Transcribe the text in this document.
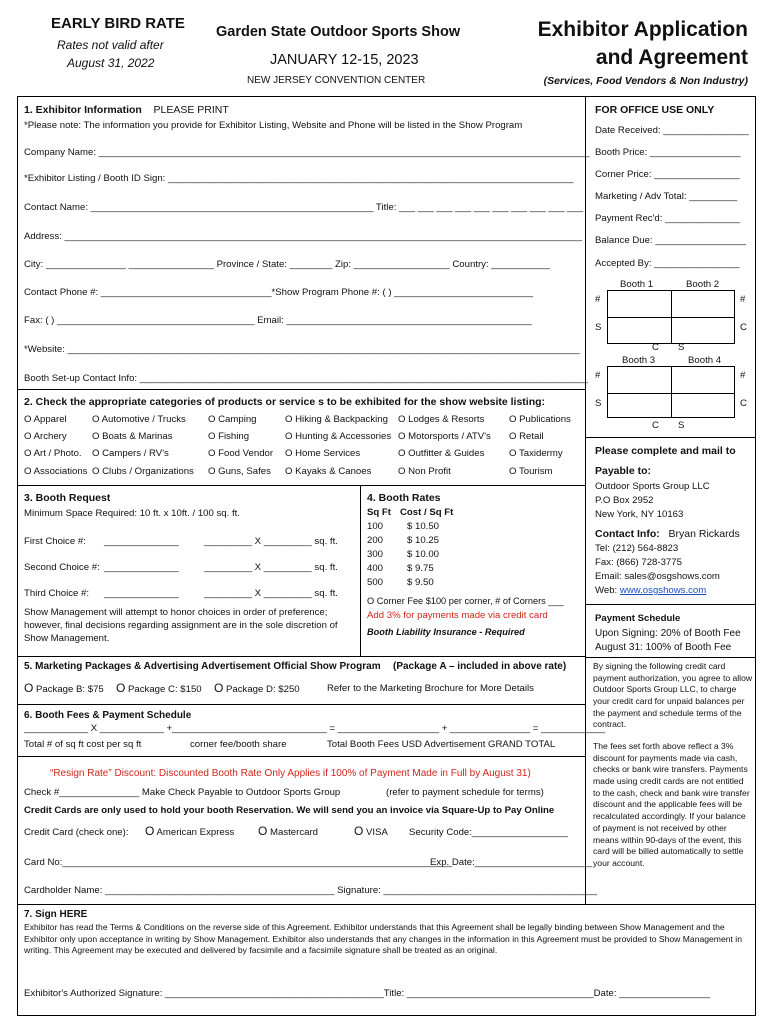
EARLY BIRD RATE
Rates not valid after
August 31, 2022
Garden State Outdoor Sports Show
JANUARY 12-15, 2023
NEW JERSEY CONVENTION CENTER
Exhibitor Application
and Agreement
(Services, Food Vendors & Non Industry)
1. Exhibitor Information PLEASE PRINT
*Please note: The information you provide for Exhibitor Listing, Website and Phone will be listed in the Show Program
Company Name: ____________________________________________________________________________________________
*Exhibitor Listing / Booth ID Sign: ____________________________________________________________________________
Contact Name: _____________________________________________________ Title: ___ ___ ___ ___ ___ ___ ___ ___ ___ ___
Address: _________________________________________________________________________________________________
City: _______________ ________________ Province / State: ________ Zip: __________________ Country: ___________
Contact Phone #: ________________________________*Show Program Phone #: ( ) __________________________
Fax: ( ) _____________________________________ Email: ______________________________________________
*Website: ________________________________________________________________________________________________
Booth Set-up Contact Info: ____________________________________________________________________________________
FOR OFFICE USE ONLY
Date Received: ________________
Booth Price: _________________
Corner Price: ________________
Marketing / Adv Total: _________
Payment Rec'd: ______________
Balance Due: _________________
Accepted By: ________________
Booth 1	Booth 2
#	#
S	C
C S
Booth 3	Booth 4
#	#
S	C
C S
2. Check the appropriate categories of products or service s to be exhibited for the show website listing:
O Apparel	O Automotive / Trucks O Camping	O Hiking & Backpacking O Lodges & Resorts	O Publications
O Archery	O Boats & Marinas	O Fishing	O Hunting & Accessories O Motorsports / ATV's O Retail
O Art / Photo. O Campers / RV's	O Food Vendor O Home Services	O Outfitter & Guides	O Taxidermy
O Associations O Clubs / Organizations O Guns, Safes O Kayaks & Canoes	O Non Profit	O Tourism
Please complete and mail to
Payable to:
Outdoor Sports Group LLC
P.O Box 2952
New York, NY 10163
Contact Info: Bryan Rickards
Tel: (212) 564-8823
Fax: (866) 728-3775
Email: sales@osgshows.com
Web: www.osgshows.com
3. Booth Request
Minimum Space Required: 10 ft. x 10ft. / 100 sq. ft.
First Choice #: ______________	_________ X _________ sq. ft.
Second Choice #: ______________	_________ X _________ sq. ft.
Third Choice #: ______________	_________ X _________ sq. ft.
Show Management will attempt to honor choices in order of preference; however, final decisions regarding assignment are in the sole discretion of Show Management.
4. Booth Rates
Sq Ft Cost / Sq Ft
100 $ 10.50
200 $ 10.25
300 $ 10.00
400 $ 9.75
500 $ 9.50
O Corner Fee $100 per corner, # of Corners ___
Add 3% for payments made via credit card
Booth Liability Insurance - Required
Payment Schedule
Upon Signing: 20% of Booth Fee
August 31: 100% of Booth Fee
By signing the following credit card payment authorization, you agree to allow Outdoor Sports Group LLC, to charge your credit card for unpaid balances per the payment and schedule terms of the contract.
The fees set forth above reflect a 3% discount for payments made via cash, checks or bank wire transfers. Payments made using credit cards are not entitled to the cash, check and bank wire transfer discount and the applicable fees will be recalculated accordingly. If your balance of payment is not received by other means within 90-days of the event, this card will be billed automatically to settle your account.
5. Marketing Packages & Advertising Advertisement Official Show Program (Package A – included in above rate)
O Package B: $75 O Package C: $150 O Package D: $250	Refer to the Marketing Brochure for More Details
6. Booth Fees & Payment Schedule
____________ X ____________ +_____________________________ = ___________________ + _______________ = ____________
Total # of sq ft cost per sq ft	corner fee/booth share	Total Booth Fees USD Advertisement GRAND TOTAL
“Resign Rate” Discount: Discounted Booth Rate Only Applies if 100% of Payment Made in Full by August 31)
Check #_______________ Make Check Payable to Outdoor Sports Group	(refer to payment schedule for terms)
Credit Cards are only used to hold your booth Reservation. We will send you an invoice via Square-Up to Pay Online
Credit Card (check one): O American Express O Mastercard	O VISA Security Code:__________________
Card No:_________________________________________________________________________
Exp. Date:______________________
Cardholder Name: ___________________________________________ Signature: ________________________________________
7. Sign HERE
Exhibitor has read the Terms & Conditions on the reverse side of this Agreement. Exhibitor understands that this Agreement shall be legally binding between Show Management and the Exhibitor only upon acceptance in writing by Show Management. Exhibitor also understands that any changes in the information in this Agreement must be provided to Show Management in writing. This Agreement may be executed and delivered by facsimile and a facsimile signature shall be treated as an original.
Exhibitor's Authorized Signature: _________________________________________Title: ___________________________________Date: _________________
